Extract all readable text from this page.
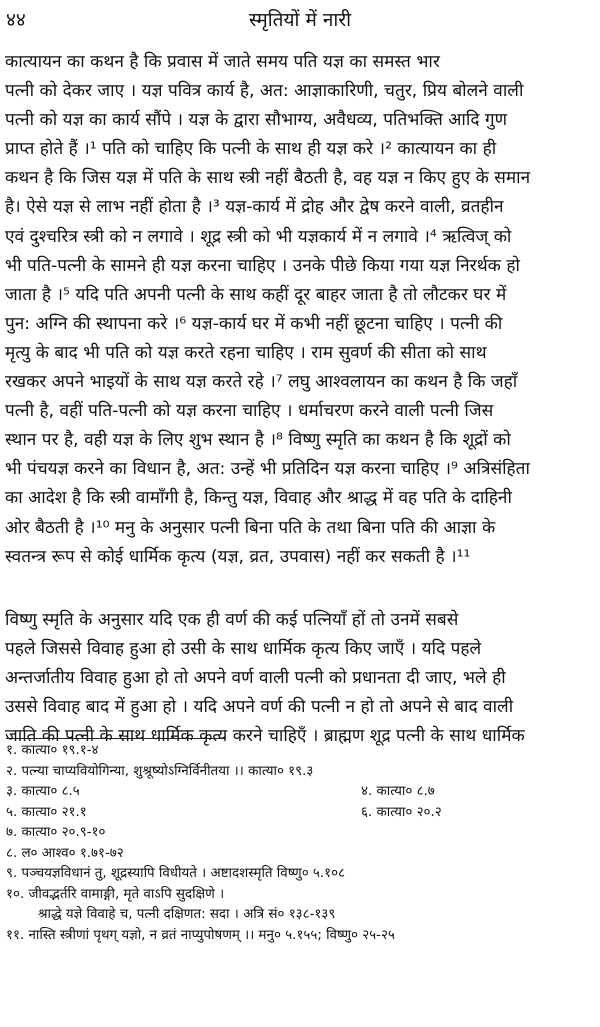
४४	स्मृतियों में नारी
कात्यायन का कथन है कि प्रवास में जाते समय पति यज्ञ का समस्त भार
पत्नी को देकर जाए । यज्ञ पवित्र कार्य है, अत: आज्ञाकारिणी, चतुर, प्रिय बोलने वाली
पत्नी को यज्ञ का कार्य सौंपे । यज्ञ के द्वारा सौभाग्य, अवैधव्य, पतिभक्ति आदि गुण
प्राप्त होते हैं ।¹ पति को चाहिए कि पत्नी के साथ ही यज्ञ करे ।² कात्यायन का ही
कथन है कि जिस यज्ञ में पति के साथ स्त्री नहीं बैठती है, वह यज्ञ न किए हुए के समान
है। ऐसे यज्ञ से लाभ नहीं होता है ।³ यज्ञ-कार्य में द्रोह और द्वेष करने वाली, व्रतहीन
एवं दुश्चरित्र स्त्री को न लगावे । शूद्र स्त्री को भी यज्ञकार्य में न लगावे ।⁴ ऋत्विज् को
भी पति-पत्नी के सामने ही यज्ञ करना चाहिए । उनके पीछे किया गया यज्ञ निरर्थक हो
जाता है ।⁵ यदि पति अपनी पत्नी के साथ कहीं दूर बाहर जाता है तो लौटकर घर में
पुन: अग्नि की स्थापना करे ।⁶ यज्ञ-कार्य घर में कभी नहीं छूटना चाहिए । पत्नी की
मृत्यु के बाद भी पति को यज्ञ करते रहना चाहिए । राम सुवर्ण की सीता को साथ
रखकर अपने भाइयों के साथ यज्ञ करते रहे ।⁷ लघु आश्वलायन का कथन है कि जहाँ
पत्नी है, वहीं पति-पत्नी को यज्ञ करना चाहिए । धर्माचरण करने वाली पत्नी जिस
स्थान पर है, वही यज्ञ के लिए शुभ स्थान है ।⁸ विष्णु स्मृति का कथन है कि शूद्रों को
भी पंचयज्ञ करने का विधान है, अत: उन्हें भी प्रतिदिन यज्ञ करना चाहिए ।⁹ अत्रिसंहिता
का आदेश है कि स्त्री वामाँगी है, किन्तु यज्ञ, विवाह और श्राद्ध में वह पति के दाहिनी
ओर बैठती है ।¹⁰ मनु के अनुसार पत्नी बिना पति के तथा बिना पति की आज्ञा के
स्वतन्त्र रूप से कोई धार्मिक कृत्य (यज्ञ, व्रत, उपवास) नहीं कर सकती है ।¹¹
विष्णु स्मृति के अनुसार यदि एक ही वर्ण की कई पत्नियाँ हों तो उनमें सबसे
पहले जिससे विवाह हुआ हो उसी के साथ धार्मिक कृत्य किए जाएँ । यदि पहले
अन्तर्जातीय विवाह हुआ हो तो अपने वर्ण वाली पत्नी को प्रधानता दी जाए, भले ही
उससे विवाह बाद में हुआ हो । यदि अपने वर्ण की पत्नी न हो तो अपने से बाद वाली
जाति की पत्नी के साथ धार्मिक कृत्य करने चाहिएँ । ब्राह्मण शूद्र पत्नी के साथ धार्मिक
१. कात्या० १९.१-४
२. पत्न्या चाप्यवियोगिन्या, शुश्रूष्योऽग्निर्विनीतया ।। कात्या० १९.३
३. कात्या० ८.५	४. कात्या० ८.७
५. कात्या० २१.१	६. कात्या० २०.२
७. कात्या० २०.९-१०
८. ल० आश्व० १.७१-७२
९. पञ्चयज्ञविधानं तु, शूद्रस्यापि विधीयते । अष्टादशस्मृति विष्णु० ५.१०८
१०. जीवद्भर्तरि वामाङ्गी, मृते वाऽपि सुदक्षिणे ।
श्राद्धे यज्ञे विवाहे च, पत्नी दक्षिणत: सदा । अत्रि सं० १३८-१३९
११. नास्ति स्त्रीणां पृथग् यज्ञो, न व्रतं नाप्युपोषणम् ।। मनु० ५.१५५; विष्णु० २५-२५
